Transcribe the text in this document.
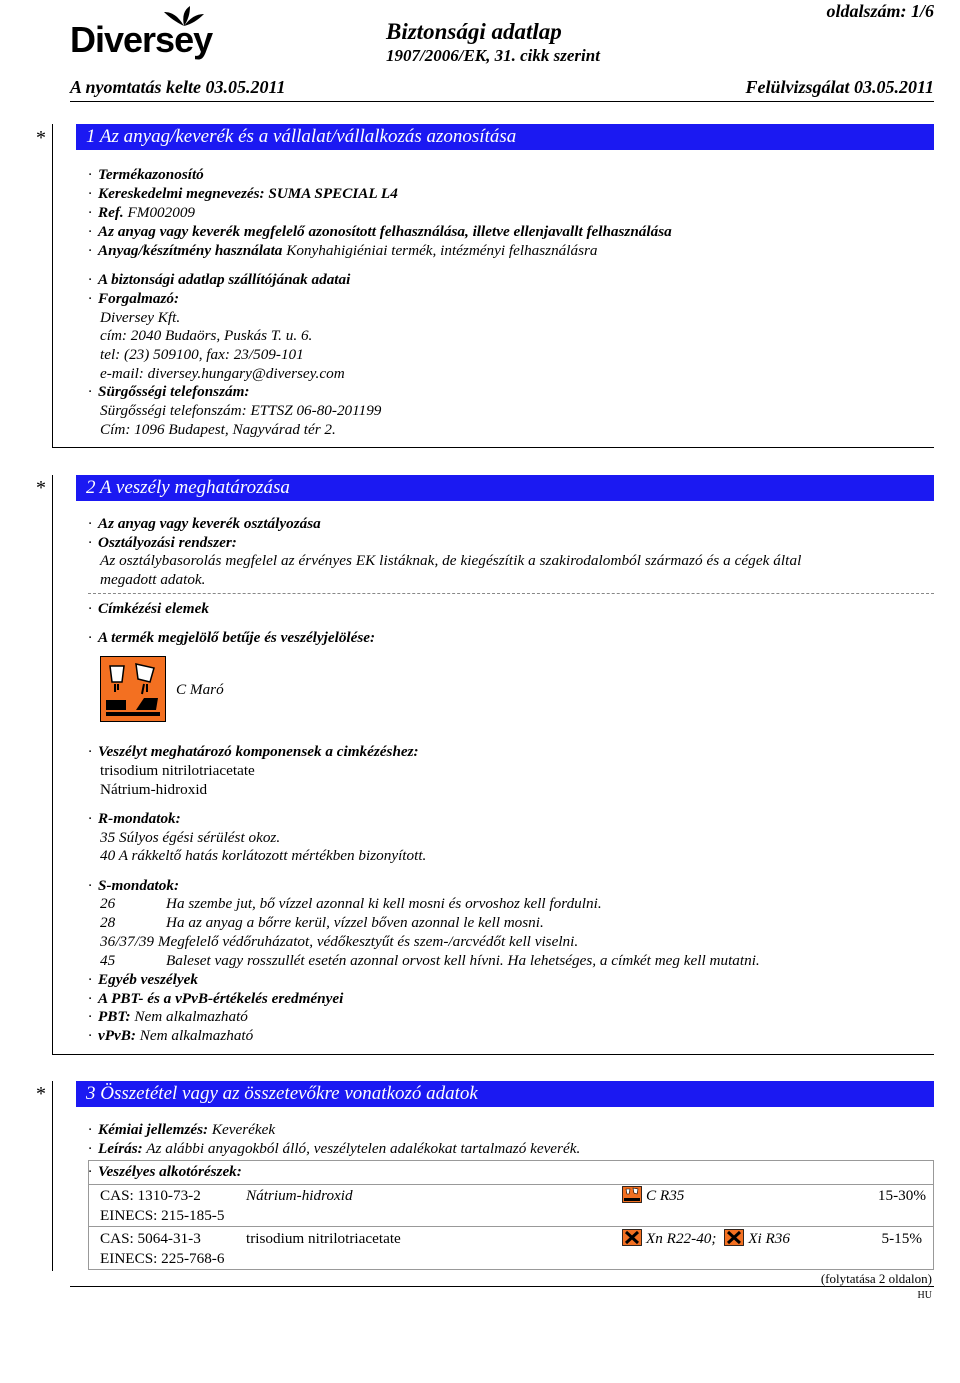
Diversey
oldalszám: 1/6
Biztonsági adatlap
1907/2006/EK, 31. cikk szerint
A nyomtatás kelte 03.05.2011	Felülvizsgálat 03.05.2011
*	1 Az anyag/keverék és a vállalat/vállalkozás azonosítása
· Termékazonosító
· Kereskedelmi megnevezés: SUMA SPECIAL L4
· Ref. FM002009
· Az anyag vagy keverék megfelelő azonosított felhasználása, illetve ellenjavallt felhasználása
· Anyag/készítmény használata Konyhahigiéniai termék, intézményi felhasználásra
· A biztonsági adatlap szállítójának adatai
· Forgalmazó:
Diversey Kft.
cím: 2040 Budaörs, Puskás T. u. 6.
tel: (23) 509100, fax: 23/509-101
e-mail: diversey.hungary@diversey.com
· Sürgősségi telefonszám:
Sürgősségi telefonszám: ETTSZ 06-80-201199
Cím: 1096 Budapest, Nagyvárad tér 2.
*	2 A veszély meghatározása
· Az anyag vagy keverék osztályozása
· Osztályozási rendszer:
Az osztálybasorolás megfelel az érvényes EK listáknak, de kiegészítik a szakirodalomból származó és a cégek által
megadott adatok.
· Címkézési elemek
· A termék megjelölő betűje és veszélyjelölése:
C Maró
· Veszélyt meghatározó komponensek a cimkézéshez:
trisodium nitrilotriacetate
Nátrium-hidroxid
· R-mondatok:
35 Súlyos égési sérülést okoz.
40 A rákkeltő hatás korlátozott mértékben bizonyított.
· S-mondatok:
26	Ha szembe jut, bő vízzel azonnal ki kell mosni és orvoshoz kell fordulni.
28	Ha az anyag a bőrre kerül, vízzel bőven azonnal le kell mosni.
36/37/39 Megfelelő védőruházatot, védőkesztyűt és szem-/arcvédőt kell viselni.
45	Baleset vagy rosszullét esetén azonnal orvost kell hívni. Ha lehetséges, a címkét meg kell mutatni.
· Egyéb veszélyek
· A PBT- és a vPvB-értékelés eredményei
· PBT: Nem alkalmazható
· vPvB: Nem alkalmazható
*	3 Összetétel vagy az összetevőkre vonatkozó adatok
· Kémiai jellemzés: Keverékek
· Leírás: Az alábbi anyagokból álló, veszélytelen adalékokat tartalmazó keverék.
· Veszélyes alkotórészek:
CAS: 1310-73-2
EINECS: 215-185-5
Nátrium-hidroxid	C R35	15-30%
CAS: 5064-31-3
EINECS: 225-768-6
trisodium nitrilotriacetate	Xn R22-40; Xi R36	5-15%
(folytatása 2 oldalon)
HU
